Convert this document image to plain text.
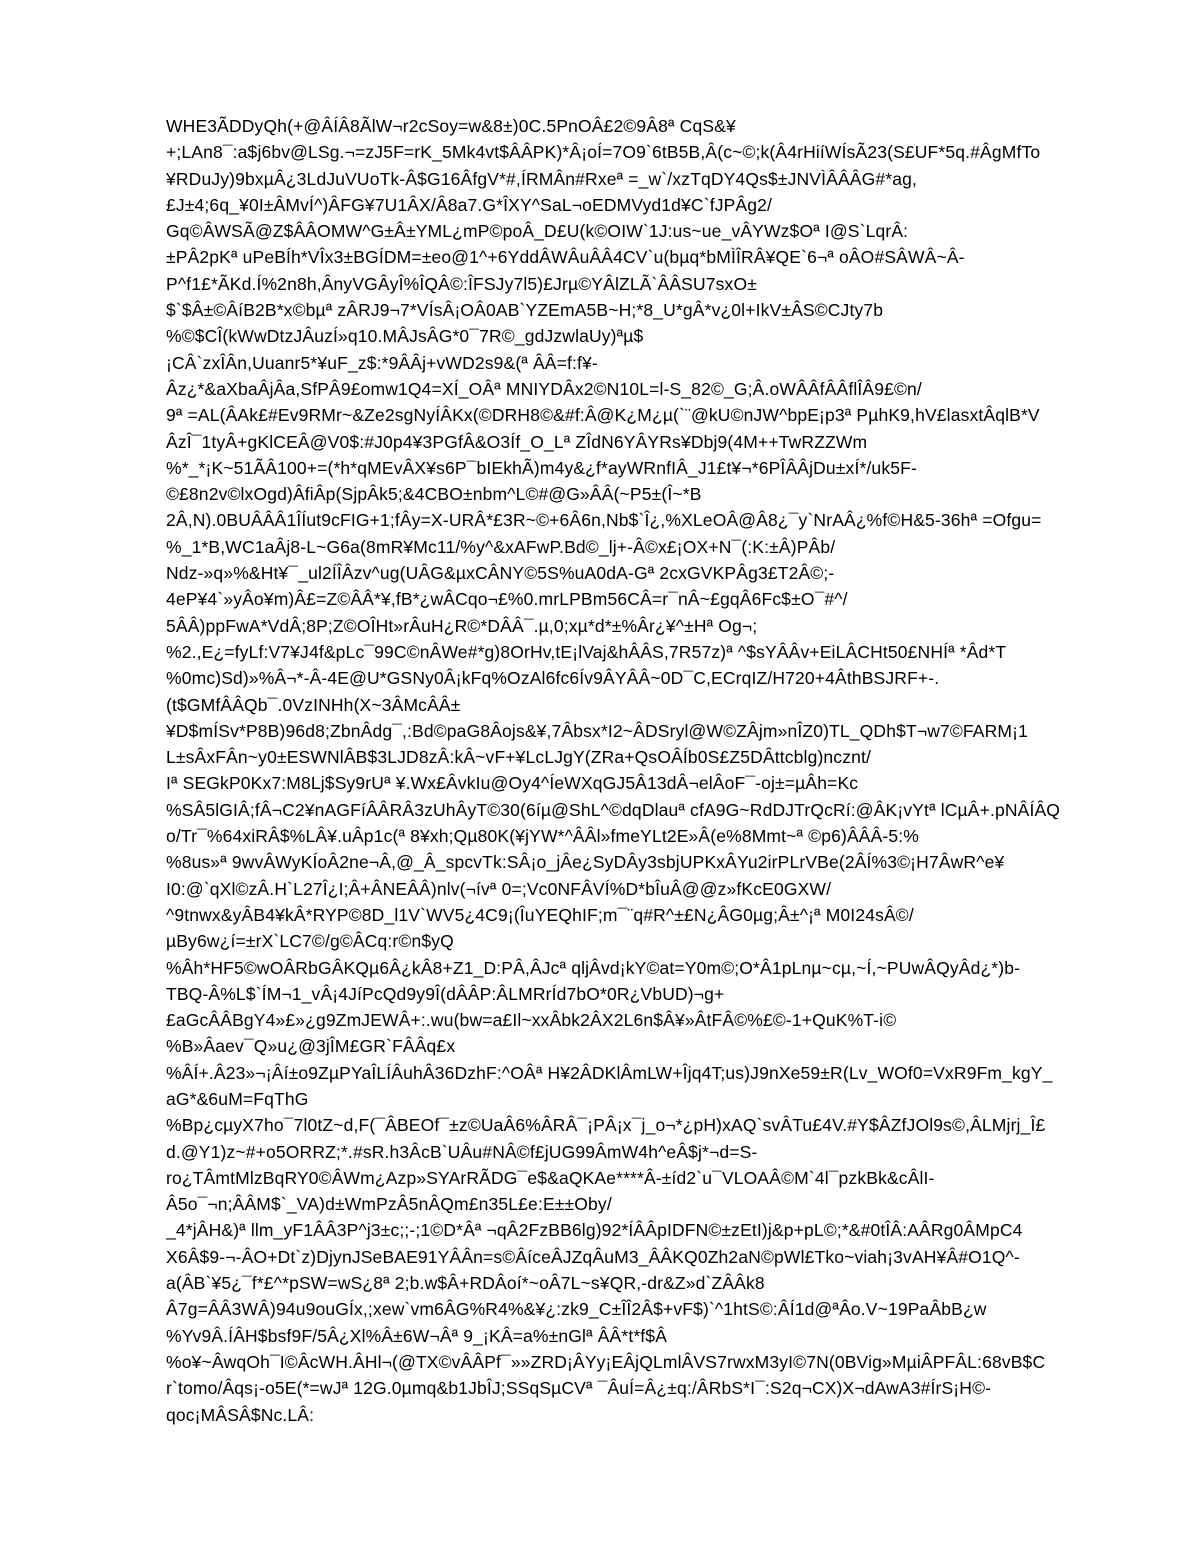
WHE3ÃDDyQh(+@ÂÍÂ8ÃlW¬r2cSoy=w&8±)0C.5PnOÂ£2©9Â8ª CqS&¥
+;LAn8¯:a$j6bv@LSg.¬=zJ5F=rK_5Mk4vt$ÂÂPK)*Â¡oÍ=7O9`6tB5B,Â(c~©;k(Â4rHiíWÍsÃ23(S£UF*5q.#ÂgMfTo
¥RDuJy)9bxµÂ¿3LdJuVUoTk-Â$G16ÂfgV*#,ÍRMÂn#Rxeª =_w`/xzTqDY4Qs$±JNVÌÂÂÂG#*ag,
£J±4;6q_¥0I±ÂMvÍ^)ÂFG¥7U1ÂX/Â8a7.G*ÎXY^SaL¬oEDMVyd1d¥C`fJPÂg2/
Gq©ÂWSÃ@Z$ÂÂOMW^G±Â±YML¿mP©poÂ_D£U(k©OIW`1J:us~ue_vÂYWz$Oª I@S`LqrÂ:
±PÂ2pKª uPeBÍh*VÎx3±BGÍDM=±eo@1^+6YddÂWÂuÂÂ4CV`u(bµq*bMÌÎRÂ¥QE`6¬ª oÂO#SÂWÂ~Â-
P^f1£*ÃKd.Í%2n8h,ÂnyVGÂyÎ%ÎQÂ©:ÎFSJy7l5)£Jrµ©YÂlZLÃ`ÂÂSU7sxO±
$`$Â±©ÂíB2B*x©bµª zÂRJ9¬7*VÍsÂ¡OÂ0AB`YZEmA5B~H;*8_U*gÂ*v¿0l+IkV±ÂS©CJty7b
%©$CÎ(kWwDtzJÂuzÍ»q10.MÂJsÂG*0¯7R©_gdJzwlaUy)ªµ$
¡CÂ`zxÎÂn,Uuanr5*¥uF_z$:*9ÂÂj+vWD2s9&(ª ÂÂ=f:f¥-
Âz¿*&aXbaÂjÂa,SfPÂ9£omw1Q4=XÍ_OÂª MNIYDÂx2©N10L=l-S_82©_G;Â.oWÂÂfÂÂflÎÂ9£©n/
9ª =AL(ÂAk£#Ev9RMr~&Ze2sgNyÍÂKx(©DRH8©&#f:Â@K¿M¿µ(`¨@kU©nJW^bpE¡p3ª PµhK9,hV£lasxtÂqlB*V
ÂzÎ¯1tyÂ+gKlCEÂ@V0$:#J0p4¥3PGfÂ&O3Íf_O_Lª ZÎdN6YÂYRs¥Dbj9(4M++TwRZZWm
%*_*¡K~51ÃÂ100+=(*h*qMEvÂX¥s6P¯bIEkhÃ)m4y&¿f*ayWRnfIÂ_J1£t¥¬*6PÎÂÂjDu±xÍ*/uk5F-
©£8n2v©lxOgd)ÂfiÂp(SjpÂk5;&4CBO±nbm^L©#@G»ÂÂ(~P5±(Î~*B
2Â,N).0BUÂÂÂ1ÎÍut9cFIG+1;fÂy=X-URÂ*£3R~©+6Â6n,Nb$`Î¿,%XLeOÂ@Â8¿¯y`NrAÂ¿%f©H&5-36hª =Ofgu=
%_1*B,WC1aÂj8-L~G6a(8mR¥Mc11/%y^&xAFwP.Bd©_lj+-Â©x£¡OX+N¯(:K:±Â)PÂb/
Ndz-»q»%&Ht¥¯_ul2ÍÎÂzv^ug(UÂG&µxCÂNY©5S%uA0dA-Gª 2cxGVKPÂg3£T2Â©;-
4eP¥4`»yÂo¥m)Â£=Z©ÂÂ*¥,fB*¿wÂCqo¬£%0.mrLPBm56CÂ=r¯nÂ~£gqÂ6Fc$±O¯#^/
5ÂÂ)ppFwA*VdÂ;8P;Z©OÎHt»rÂuH¿R©*DÂÂ¯.µ,0;xµ*d*±%Âr¿¥^±Hª Og¬;
%2.,E¿=fyLf:V7¥J4f&pLc¯99C©nÂWe#*g)8OrHv,tE¡lVaj&hÂÂS,7R57z)ª ^$sYÂÂv+EiLÂCHt50£NHÍª *Âd*T
%0mc)Sd)»%Â¬*-Â-4E@U*GSNy0Â¡kFq%OzAl6fc6Ív9ÂYÂÂ~0D¯C,ECrqIZ/H720+4ÂthBSJRF+-.
(t$GMfÂÂQb¯.0VzINHh(X~3ÂMcÂÂ±
¥D$mÍSv*P8B)96d8;ZbnÂdg¯,:Bd©paG8Âojs&¥,7Âbsx*I2~ÂDSryl@W©ZÂjm»nÎZ0)TL_QDh$T¬w7©FARM¡1
L±sÂxFÂn~y0±ESWNlÂB$3LJD8zÂ:kÂ~vF+¥LcLJgY(ZRa+QsOÂÍb0S£Z5DÂttcblg)ncznt/
Iª SEGkP0Kx7:M8Lj$Sy9rUª ¥.Wx£ÂvkIu@Oy4^ÍeWXqGJ5Â13dÂ¬elÂoF¯-oj±=µÂh=Kc
%SÂ5lGIÂ;fÂ¬C2¥nAGFíÂÂRÂ3zUhÂyT©30(6íµ@ShL^©dqDlauª cfA9G~RdDJTrQcRí:@ÂK¡vYtª lCµÂ+.pNÂÍÂQ
o/Tr¯%64xiRÂ$%LÂ¥.uÂp1c(ª 8¥xh;Qµ80K(¥jYW*^ÂÂl»fmeYLt2E»Â(e%8Mmt~ª ©p6)ÂÂÂ-5:%
%8us»ª 9wvÂWyKÍoÂ2ne¬Â,@_Â_spcvTk:SÂ¡o_jÂe¿SyDÂy3sbjUPKxÂYu2irPLrVBe(2ÂÍ%3©¡H7ÂwR^e¥
I0:@`qXl©zÂ.H`L27Î¿I;Â+ÂNEÂÂ)nlv(¬ívª 0=;Vc0NFÂVÍ%D*bÎuÂ@@z»fKcE0GXW/
^9tnwx&yÂB4¥kÂ*RYP©8D_l1V`WV5¿4C9¡(ÎuYEQhIF;m¯¨q#R^±£N¿ÂG0µg;Â±^¡ª M0I24sÂ©/
µBy6w¿í=±rX`LC7©/g©ÂCq:r©n$yQ
%Âh*HF5©wOÂRbGÂKQµ6Â¿kÂ8+Z1_D:PÂ,ÂJcª qljÂvd¡kY©at=Y0m©;O*Â1pLnµ~cµ,~Í,~PUwÂQyÂd¿*)b-
TBQ-Â%L$`ÍM¬1_vÂ¡4JíPcQd9y9Î(dÂÂP:ÂLMRrÍd7bO*0R¿VbUD)¬g+
£aGcÂÂBgY4»£»¿g9ZmJEWÂ+:.wu(bw=a£Il~xxÂbk2ÂX2L6n$Â¥»ÂtFÂ©%£©-1+QuK%T-i©
%B»Âaev¯Q»u¿@3jÎM£GR`FÂÂq£x
%ÂÍ+.Â23»¬¡Âí±o9ZµPYaÎLÍÂuhÂ36DzhF:^OÂª H¥2ÂDKlÂmLW+Îjq4T;us)J9nXe59±R(Lv_WOf0=VxR9Fm_kgY_
aG*&6uM=FqThG
%Bp¿cµyX7ho¯7l0tZ~d,F(¯ÂBEOf¯±z©UaÂ6%ÂRÂ¯¡PÂ¡x¯j_o¬*¿pH)xAQ`svÂTu£4V.#Y$ÂZfJOl9s©,ÂLMjrj_Î£
d.@Y1)z~#+o5ORRZ;*.#sR.h3ÂcB`UÂu#NÂ©f£jUG99ÂmW4h^eÂ$j*¬d=S-
ro¿TÂmtMlzBqRY0©ÂWm¿Azp»SYArRÃDG¯e$&aQKAe****Â-±íd2`u¯VLOAÂ©M`4l¯pzkBk&cÂlI-
Â5o¯¬n;ÂÂM$`_VA)d±WmPzÂ5nÂQm£n35L£e:E±±Oby/
_4*jÂH&)ª llm_yF1ÂÂ3P^j3±c;;-;1©D*Âª ¬qÂ2FzBB6lg)92*ÍÂÂpIDFN©±zEtI)j&p+pL©;*&#0tÎÂ:AÂRg0ÂMpC4
X6Â$9-¬-ÂO+Dt`z)DjynJSeBAE91YÂÂn=s©ÂíceÂJZqÂuM3_ÂÂKQ0Zh2aN©pWl£Tko~viah¡3vAH¥Â#O1Q^-
a(ÂB`¥5¿¯f*£^*pSW=wS¿8ª 2;b.w$Â+RDÂoí*~oÂ7L~s¥QR,-dr&Z»d`ZÂÂk8
Â7g=ÂÂ3WÂ)94u9ouGÍx,;xew`vm6ÂG%R4%&¥¿:zk9_C±ÎÎ2Â$+vF$)`^1htS©:ÂÍ1d@ªÂo.V~19PaÂbB¿w
%Yv9Â.ÍÂH$bsf9F/5Â¿Xl%Â±6W¬Âª 9_¡KÂ=a%±nGlª ÂÂ*t*f$Â
%o¥~ÂwqOh¯I©ÂcWH.ÂHl¬(@TX©vÂÂPf¯»»ZRD¡ÂYy¡EÂjQLmlÂVS7rwxM3yI©7N(0BVig»MµiÂPFÂL:68vB$C
r`tomo/Âqs¡-o5E(*=wJª 12G.0µmq&b1JbÎJ;SSqSµCVª ¯ÂuÍ=Â¿±q:/ÂRbS*I¯:S2q¬CX)X¬dAwA3#ÍrS¡H©-
qoc¡MÂSÂ$Nc.LÂ:
